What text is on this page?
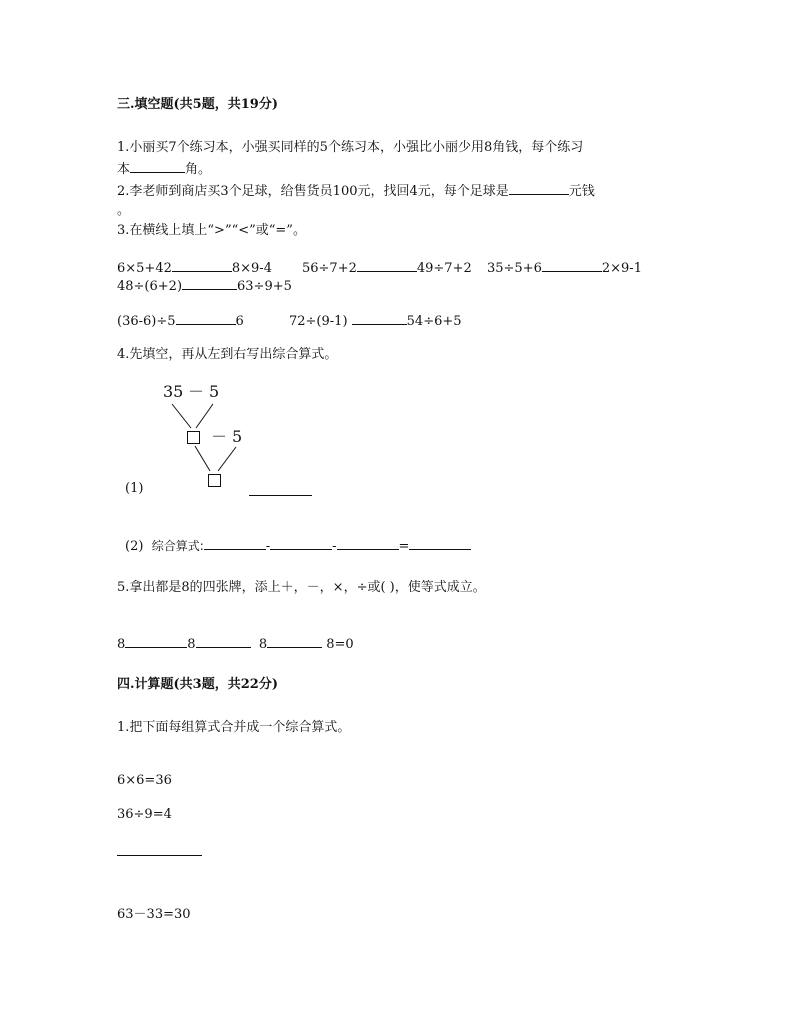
三.填空题(共5题，共19分)
1.小丽买7个练习本，小强买同样的5个练习本，小强比小丽少用8角钱，每个练习
本	角。
2.李老师到商店买3个足球，给售货员100元，找回4元，每个足球是	元钱
。
3.在横线上填上“>”“<”或“=”。
6×5+42	8×9-4 56÷7+2	49÷7+2 35÷5+6	2×9-1
48÷(6+2)	63÷9+5
(36-6)÷5	6	72÷(9-1)	54÷6+5
4.先填空，再从左到右写出综合算式。
35 － 5
－ 5
(1)
(2) 综合算式:	-	-	=
5.拿出都是8的四张牌，添上＋，－，×，÷或( )，使等式成立。
8	8	8	8=0
四.计算题(共3题，共22分)
1.把下面每组算式合并成一个综合算式。
6×6=36
36÷9=4
63－33=30
